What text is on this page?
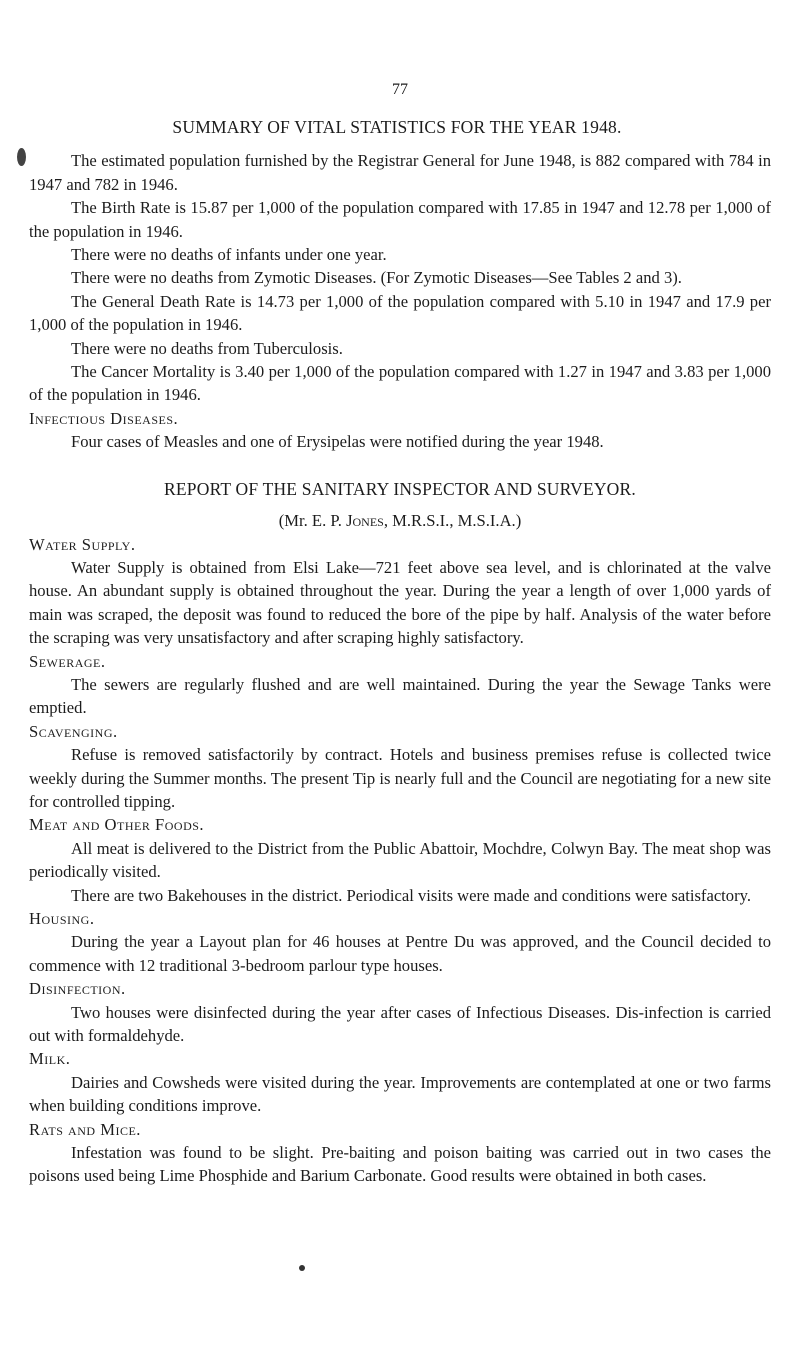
77
SUMMARY OF VITAL STATISTICS FOR THE YEAR 1948.

The estimated population furnished by the Registrar General for June 1948, is 882 compared with 784 in 1947 and 782 in 1946.

The Birth Rate is 15.87 per 1,000 of the population compared with 17.85 in 1947 and 12.78 per 1,000 of the population in 1946.

There were no deaths of infants under one year.

There were no deaths from Zymotic Diseases. (For Zymotic Diseases—See Tables 2 and 3).

The General Death Rate is 14.73 per 1,000 of the population compared with 5.10 in 1947 and 17.9 per 1,000 of the population in 1946.

There were no deaths from Tuberculosis.

The Cancer Mortality is 3.40 per 1,000 of the population compared with 1.27 in 1947 and 3.83 per 1,000 of the population in 1946.

Infectious Diseases.

Four cases of Measles and one of Erysipelas were notified during the year 1948.

REPORT OF THE SANITARY INSPECTOR AND SURVEYOR.

(Mr. E. P. Jones, M.R.S.I., M.S.I.A.)

Water Supply.

Water Supply is obtained from Elsi Lake—721 feet above sea level, and is chlorinated at the valve house. An abundant supply is obtained throughout the year. During the year a length of over 1,000 yards of main was scraped, the deposit was found to reduced the bore of the pipe by half. Analysis of the water before the scraping was very unsatisfactory and after scraping highly satisfactory.

Sewerage.

The sewers are regularly flushed and are well maintained. During the year the Sewage Tanks were emptied.

Scavenging.

Refuse is removed satisfactorily by contract. Hotels and business premises refuse is collected twice weekly during the Summer months. The present Tip is nearly full and the Council are negotiating for a new site for controlled tipping.

Meat and Other Foods.

All meat is delivered to the District from the Public Abattoir, Mochdre, Colwyn Bay. The meat shop was periodically visited.

There are two Bakehouses in the district. Periodical visits were made and conditions were satisfactory.

Housing.

During the year a Layout plan for 46 houses at Pentre Du was approved, and the Council decided to commence with 12 traditional 3-bedroom parlour type houses.

Disinfection.

Two houses were disinfected during the year after cases of Infectious Diseases. Dis-infection is carried out with formaldehyde.

Milk.

Dairies and Cowsheds were visited during the year. Improvements are contemplated at one or two farms when building conditions improve.

Rats and Mice.

Infestation was found to be slight. Pre-baiting and poison baiting was carried out in two cases the poisons used being Lime Phosphide and Barium Carbonate. Good results were obtained in both cases.
